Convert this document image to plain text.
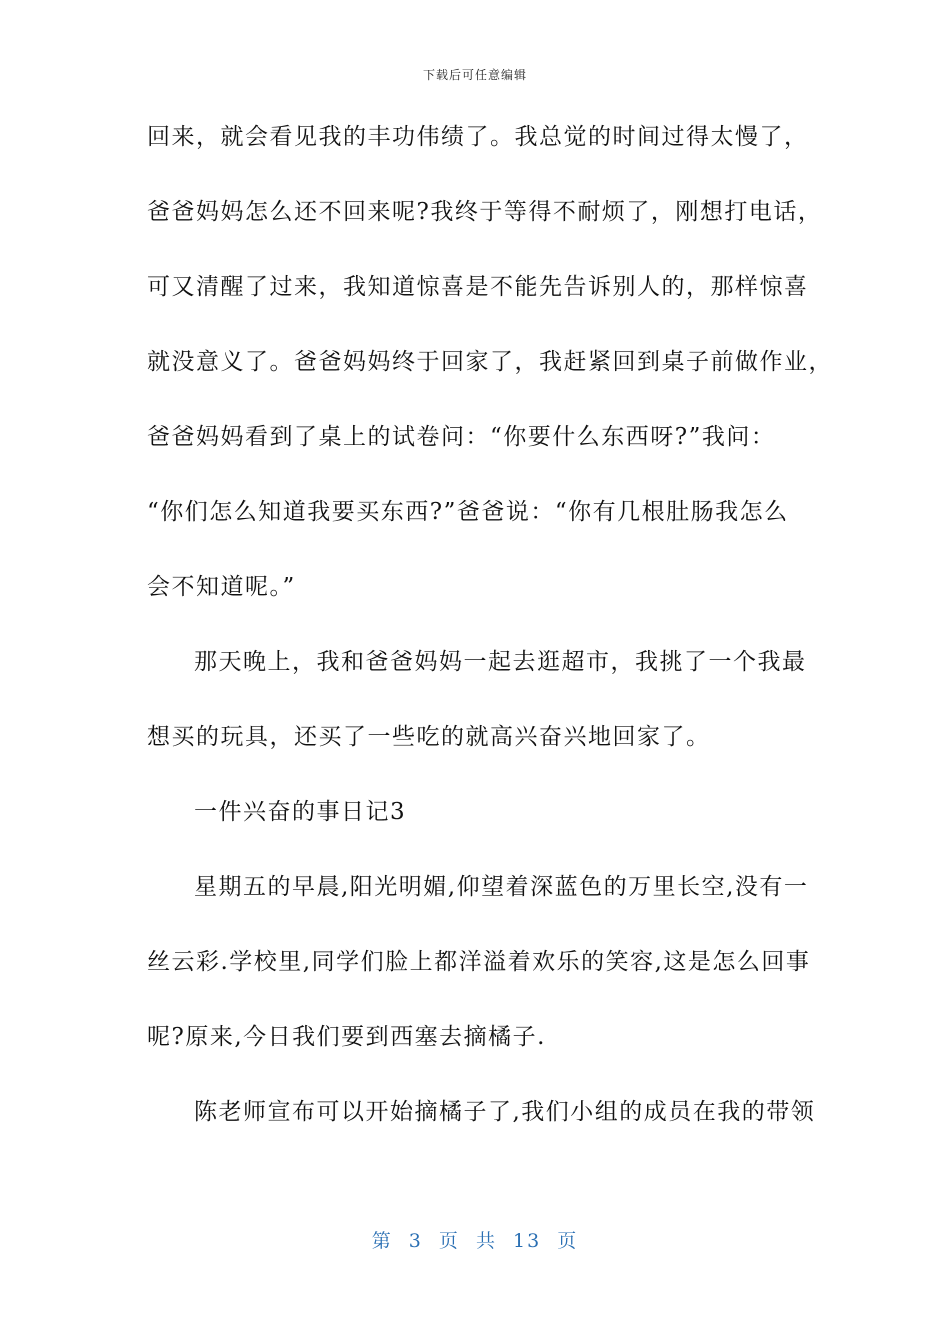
下载后可任意编辑
回来，就会看见我的丰功伟绩了。我总觉的时间过得太慢了，
爸爸妈妈怎么还不回来呢?我终于等得不耐烦了，刚想打电话，
可又清醒了过来，我知道惊喜是不能先告诉别人的，那样惊喜
就没意义了。爸爸妈妈终于回家了，我赶紧回到桌子前做作业，
爸爸妈妈看到了桌上的试卷问：“你要什么东西呀?”我问：
“你们怎么知道我要买东西?”爸爸说：“你有几根肚肠我怎么
会不知道呢。”
那天晚上，我和爸爸妈妈一起去逛超市，我挑了一个我最
想买的玩具，还买了一些吃的就高兴奋兴地回家了。
一件兴奋的事日记3
星期五的早晨,阳光明媚,仰望着深蓝色的万里长空,没有一
丝云彩.学校里,同学们脸上都洋溢着欢乐的笑容,这是怎么回事
呢?原来,今日我们要到西塞去摘橘子.
陈老师宣布可以开始摘橘子了,我们小组的成员在我的带领
第 3 页 共 13 页
